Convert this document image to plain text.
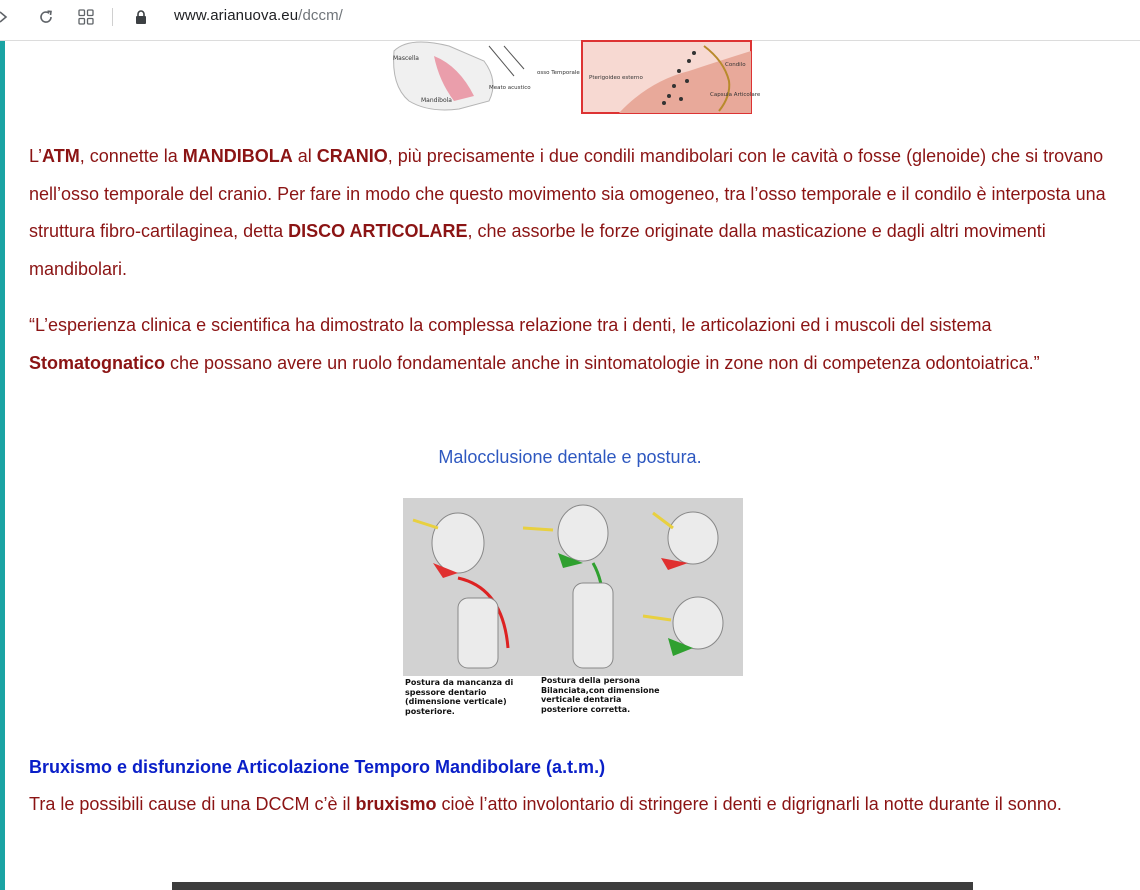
www.arianuova.eu/dccm/
Mascella
Mandibola
Meato acustico
osso Temporale
Pterigoideo esterno
Condilo
Capsula Articolare

L’ATM, connette la MANDIBOLA al CRANIO, più precisamente i due condili mandibolari con le cavità o fosse (glenoide) che si trovano nell’osso temporale del cranio. Per fare in modo che questo movimento sia omogeneo, tra l’osso temporale e il condilo è interposta una struttura fibro-cartilaginea, detta DISCO ARTICOLARE, che assorbe le forze originate dalla masticazione e dagli altri movimenti mandibolari.

“L’esperienza clinica e scientifica ha dimostrato la complessa relazione tra i denti, le articolazioni ed i muscoli del sistema Stomatognatico che possano avere un ruolo fondamentale anche in sintomatologie in zone non di competenza odontoiatrica.”

Malocclusione dentale e postura.
Postura da mancanza di spessore dentario (dimensione verticale) posteriore.
Postura della persona Bilanciata,con dimensione verticale dentaria posteriore corretta.
Bruxismo e disfunzione Articolazione Temporo Mandibolare (a.t.m.)

Tra le possibili cause di una DCCM c’è il bruxismo cioè l’atto involontario di stringere i denti e digrignarli la notte durante il sonno.
